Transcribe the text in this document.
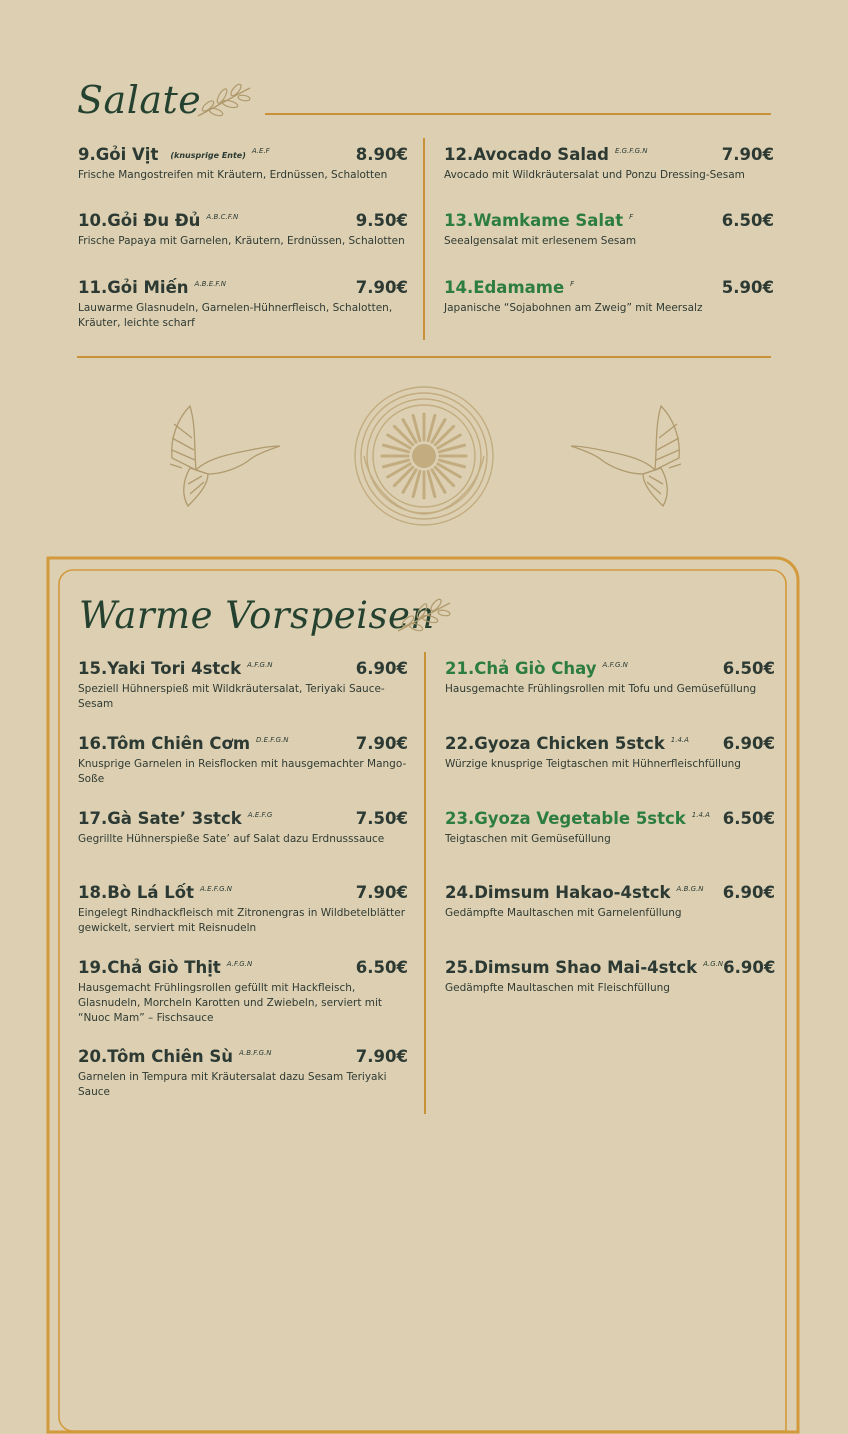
Salate
9.Gỏi Vịt (knusprige Ente) $^{A.E.F}$	8.90€
Frische Mangostreifen mit Kräutern, Erdnüssen, Schalotten
10.Gỏi Đu Đủ $^{A.B.C.F.N}$	9.50€
Frische Papaya mit Garnelen, Kräutern, Erdnüssen, Schalotten
11.Gỏi Miến $^{A.B.E.F.N}$	7.90€
Lauwarme Glasnudeln, Garnelen-Hühnerfleisch, Schalotten, Kräuter, leichte scharf
12.Avocado Salad $^{E.G.F.G.N}$	7.90€
Avocado mit Wildkräutersalat und Ponzu Dressing-Sesam
13.Wamkame Salat $^F$	6.50€
Seealgensalat mit erlesenem Sesam
14.Edamame $^F$	5.90€
Japanische “Sojabohnen am Zweig” mit Meersalz
Warme Vorspeisen
15.Yaki Tori 4stck $^{A.F.G.N}$	6.90€
Speziell Hühnerspieß mit Wildkräutersalat, Teriyaki Sauce-Sesam
16.Tôm Chiên Cơm $^{D.E.F.G.N}$	7.90€
Knusprige Garnelen in Reisflocken mit hausgemachter Mango-Soße
17.Gà Sate’ 3stck $^{A.E.F.G}$	7.50€
Gegrillte Hühnerspieße Sate’ auf Salat dazu Erdnusssauce
18.Bò Lá Lốt $^{A.E.F.G.N}$	7.90€
Eingelegt Rindhackfleisch mit Zitronengras in Wildbetelblätter gewickelt, serviert mit Reisnudeln
19.Chả Giò Thịt $^{A.F.G.N}$	6.50€
Hausgemacht Frühlingsrollen gefüllt mit Hackfleisch, Glasnudeln, Morcheln Karotten und Zwiebeln, serviert mit “Nuoc Mam” – Fischsauce
20.Tôm Chiên Sù $^{A.B.F.G.N}$	7.90€
Garnelen in Tempura mit Kräutersalat dazu Sesam Teriyaki Sauce
21.Chả Giò Chay $^{A.F.G.N}$	6.50€
Hausgemachte Frühlingsrollen mit Tofu und Gemüsefüllung
22.Gyoza Chicken 5stck $^{1.4.A}$ 6.90€
Würzige knusprige Teigtaschen mit Hühnerfleischfüllung
23.Gyoza Vegetable 5stck $^{1.4.A}$ 6.50€
Teigtaschen mit Gemüsefüllung
24.Dimsum Hakao-4stck $^{A.B.G.N}$ 6.90€
Gedämpfte Maultaschen mit Garnelenfüllung
25.Dimsum Shao Mai-4stck $^{A.G.N}$ 6.90€
Gedämpfte Maultaschen mit Fleischfüllung
